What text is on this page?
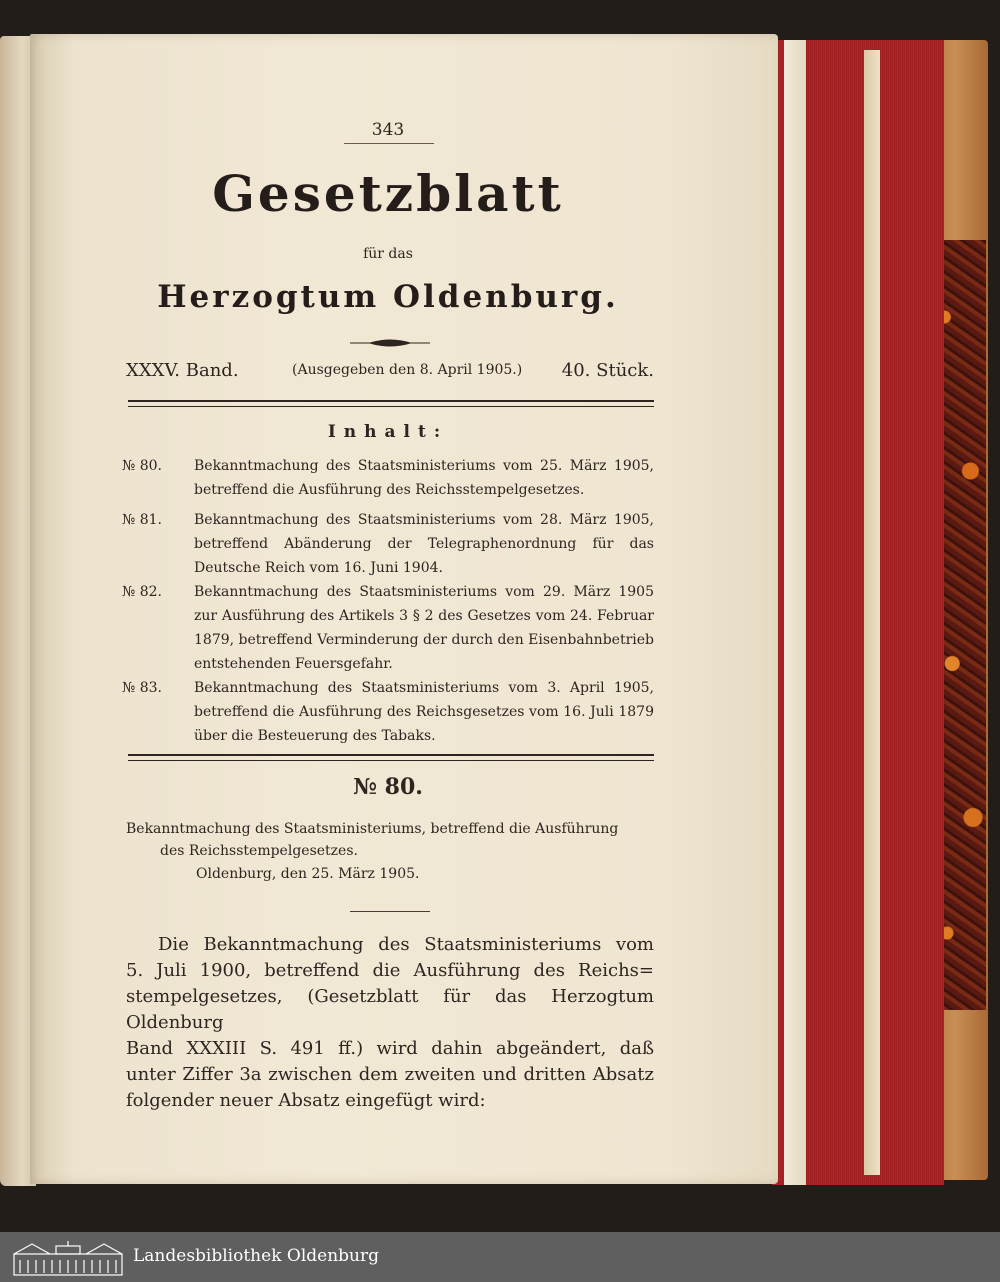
343
Gesetzblatt
für das
Herzogtum Oldenburg.
XXXV. Band.	(Ausgegeben den 8. April 1905.) 40. Stück.
Inhalt:
№ 80. Bekanntmachung des Staatsministeriums vom 25. März 1905, betreffend die Ausführung des Reichsstempelgesetzes.
№ 81. Bekanntmachung des Staatsministeriums vom 28. März 1905, betreffend Abänderung der Telegraphenordnung für das Deutsche Reich vom 16. Juni 1904.
№ 82. Bekanntmachung des Staatsministeriums vom 29. März 1905 zur Ausführung des Artikels 3 § 2 des Gesetzes vom 24. Februar 1879, betreffend Verminderung der durch den Eisenbahnbetrieb entstehenden Feuersgefahr.
№ 83. Bekanntmachung des Staatsministeriums vom 3. April 1905, betreffend die Ausführung des Reichsgesetzes vom 16. Juli 1879 über die Besteuerung des Tabaks.
№ 80.
Bekanntmachung des Staatsministeriums, betreffend die Ausführung
des Reichsstempelgesetzes.
Oldenburg, den 25. März 1905.
Die Bekanntmachung des Staatsministeriums vom
5. Juli 1900, betreffend die Ausführung des Reichs=
stempelgesetzes, (Gesetzblatt für das Herzogtum Oldenburg
Band XXXIII S. 491 ff.) wird dahin abgeändert, daß
unter Ziffer 3a zwischen dem zweiten und dritten Absatz
folgender neuer Absatz eingefügt wird:
Landesbibliothek Oldenburg
